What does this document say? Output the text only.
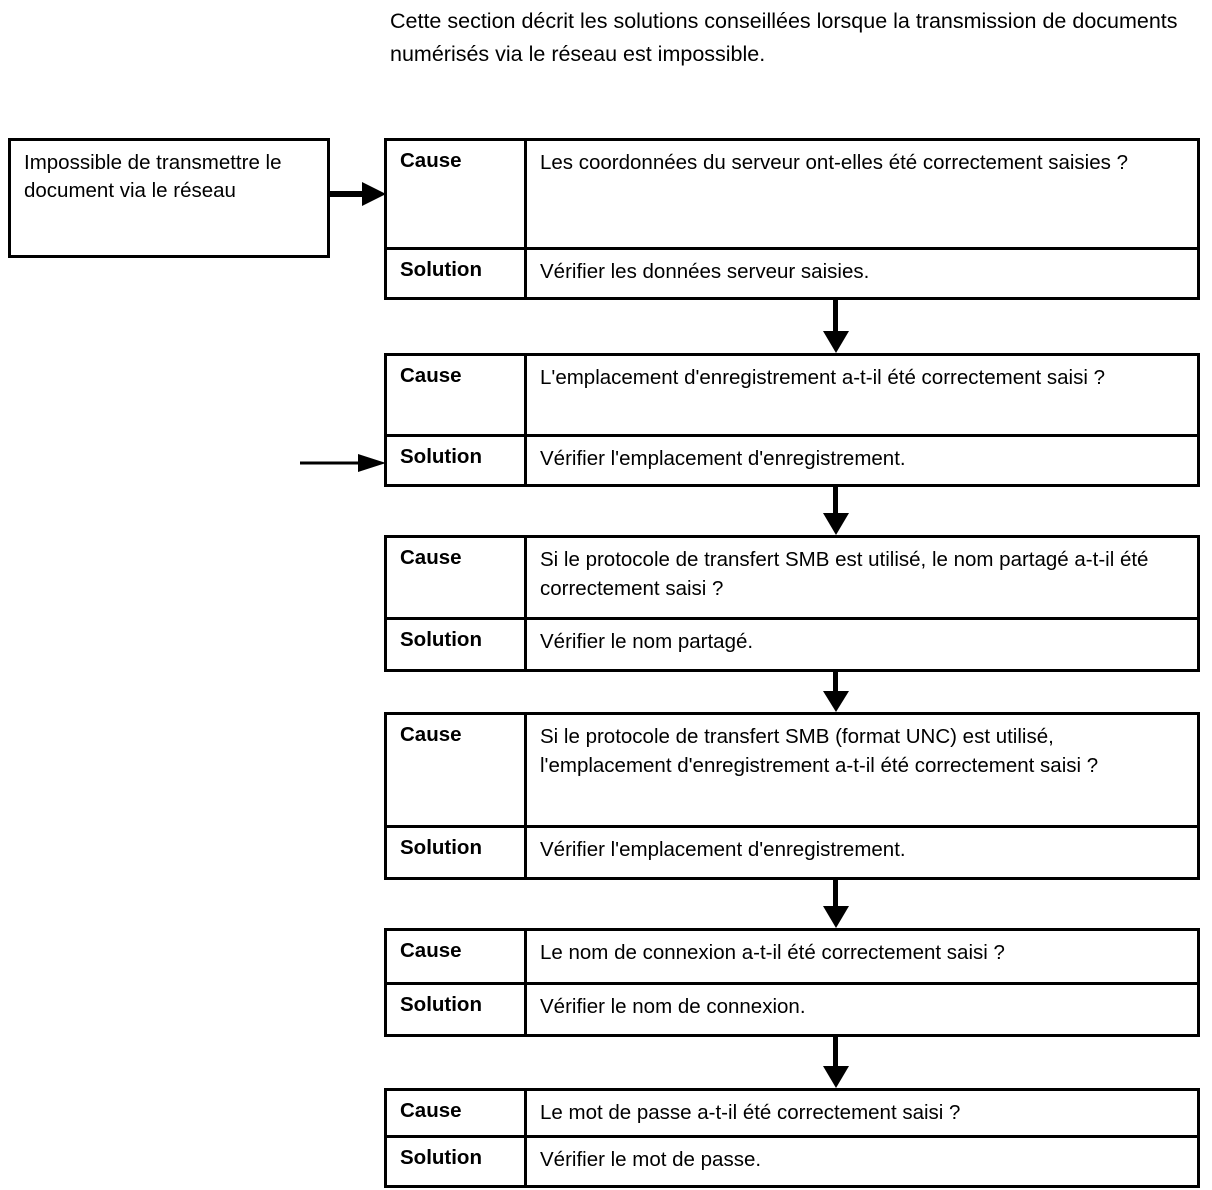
Cette section décrit les solutions conseillées lorsque la transmission de documents numérisés via le réseau est impossible.
Impossible de transmettre le document via le réseau
Cause	Les coordonnées du serveur ont-elles été correctement saisies ?
Solution	Vérifier les données serveur saisies.
Cause	L'emplacement d'enregistrement a-t-il été correctement saisi ?
Solution	Vérifier l'emplacement d'enregistrement.
Cause	Si le protocole de transfert SMB est utilisé, le nom partagé a-t-il été correctement saisi ?
Solution	Vérifier le nom partagé.
Cause	Si le protocole de transfert SMB (format UNC) est utilisé, l'emplacement d'enregistrement a-t-il été correctement saisi ?
Solution	Vérifier l'emplacement d'enregistrement.
Cause	Le nom de connexion a-t-il été correctement saisi ?
Solution	Vérifier le nom de connexion.
Cause	Le mot de passe a-t-il été correctement saisi ?
Solution	Vérifier le mot de passe.
